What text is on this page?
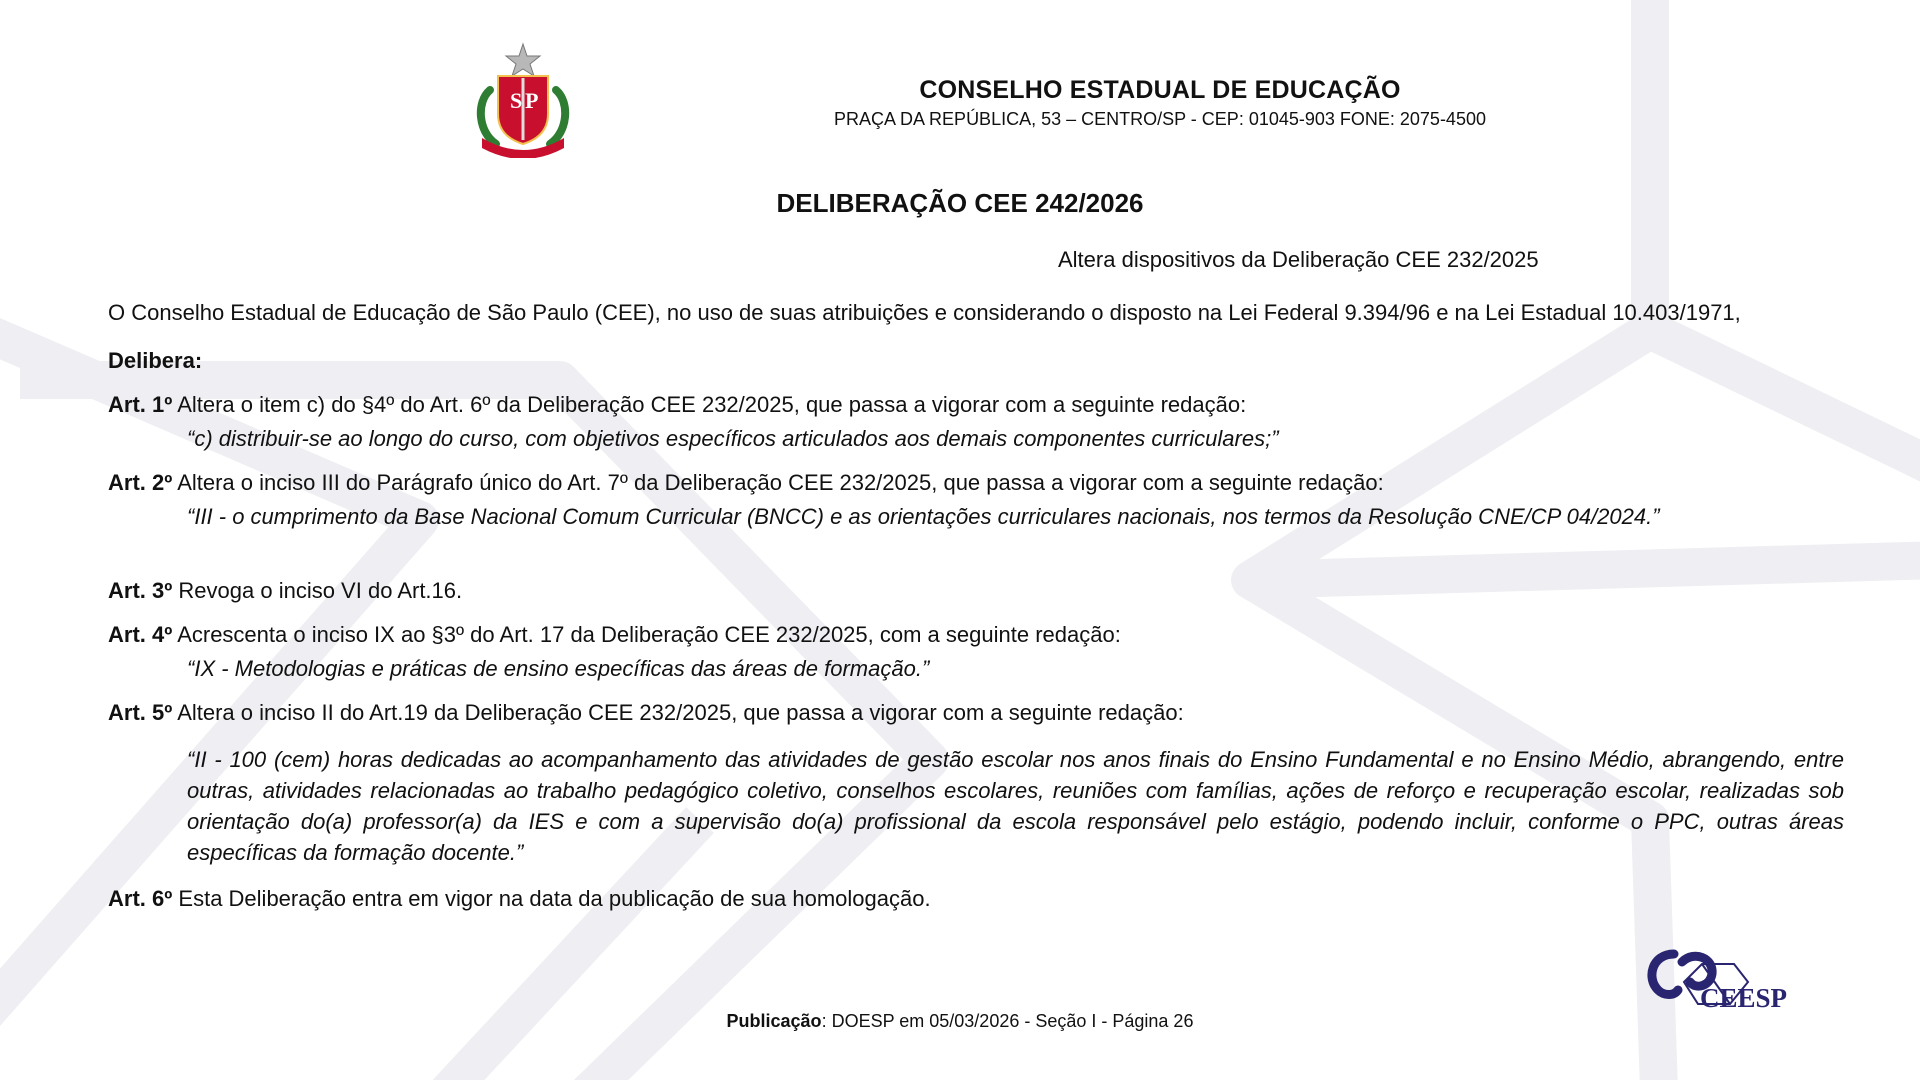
S P	CONSELHO ESTADUAL DE EDUCAÇÃO
PRAÇA DA REPÚBLICA, 53 – CENTRO/SP - CEP: 01045-903 FONE: 2075-4500
DELIBERAÇÃO CEE 242/2026
Altera dispositivos da Deliberação CEE 232/2025

O Conselho Estadual de Educação de São Paulo (CEE), no uso de suas atribuições e considerando o disposto na Lei Federal 9.394/96 e na Lei Estadual 10.403/1971,

Delibera:
Art. 1º Altera o item c) do §4º do Art. 6º da Deliberação CEE 232/2025, que passa a vigorar com a seguinte redação:
“c) distribuir-se ao longo do curso, com objetivos específicos articulados aos demais componentes curriculares;”
Art. 2º Altera o inciso III do Parágrafo único do Art. 7º da Deliberação CEE 232/2025, que passa a vigorar com a seguinte redação:
“III - o cumprimento da Base Nacional Comum Curricular (BNCC) e as orientações curriculares nacionais, nos termos da Resolução CNE/CP 04/2024.”
Art. 3º Revoga o inciso VI do Art.16.
Art. 4º Acrescenta o inciso IX ao §3º do Art. 17 da Deliberação CEE 232/2025, com a seguinte redação:
“IX - Metodologias e práticas de ensino específicas das áreas de formação.”
Art. 5º Altera o inciso II do Art.19 da Deliberação CEE 232/2025, que passa a vigorar com a seguinte redação:
“II - 100 (cem) horas dedicadas ao acompanhamento das atividades de gestão escolar nos anos finais do Ensino Fundamental e no Ensino Médio, abrangendo, entre outras, atividades relacionadas ao trabalho pedagógico coletivo, conselhos escolares, reuniões com famílias, ações de reforço e recuperação escolar, realizadas sob orientação do(a) professor(a) da IES e com a supervisão do(a) profissional da escola responsável pelo estágio, podendo incluir, conforme o PPC, outras áreas específicas da formação docente.”
Art. 6º Esta Deliberação entra em vigor na data da publicação de sua homologação.
CEESP
Publicação: DOESP em 05/03/2026 - Seção I - Página 26
